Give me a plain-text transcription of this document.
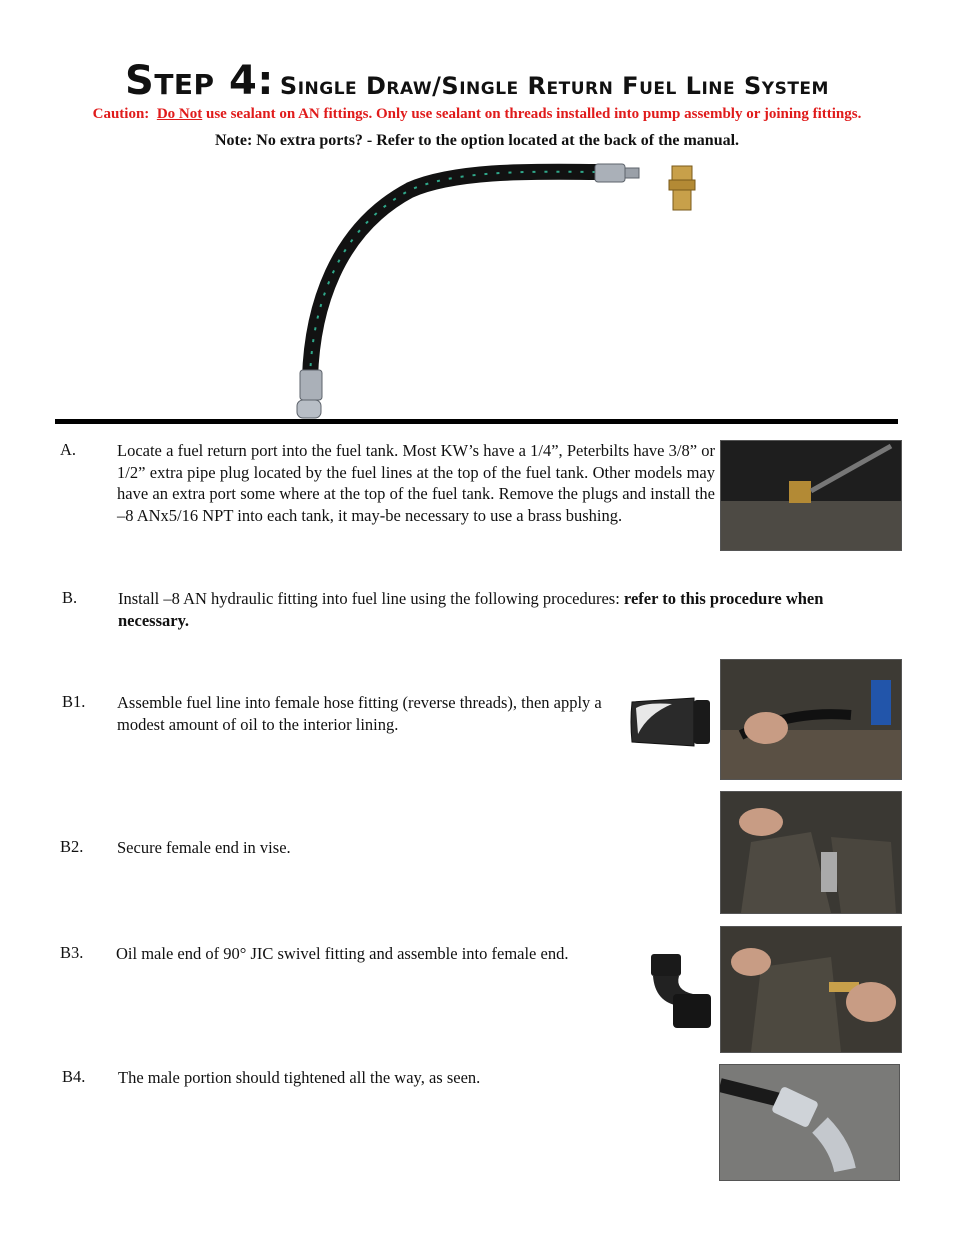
Step 4: Single Draw/Single Return Fuel Line System
Caution: Do Not use sealant on AN fittings. Only use sealant on threads installed into pump assembly or joining fittings.
Note: No extra ports? - Refer to the option located at the back of the manual.
A. Locate a fuel return port into the fuel tank. Most KW’s have a 1/4”, Peterbilts have 3/8” or 1/2” extra pipe plug located by the fuel lines at the top of the fuel tank. Other models may have an extra port some where at the top of the fuel tank. Remove the plugs and install the –8 ANx5/16 NPT into each tank, it may-be necessary to use a brass bushing.
B. Install –8 AN hydraulic fitting into fuel line using the following procedures: refer to this procedure when necessary.
B1. Assemble fuel line into female hose fitting (reverse threads), then apply a modest amount of oil to the interior lining.
B2. Secure female end in vise.
B3. Oil male end of 90° JIC swivel fitting and assemble into female end.
B4. The male portion should tightened all the way, as seen.
